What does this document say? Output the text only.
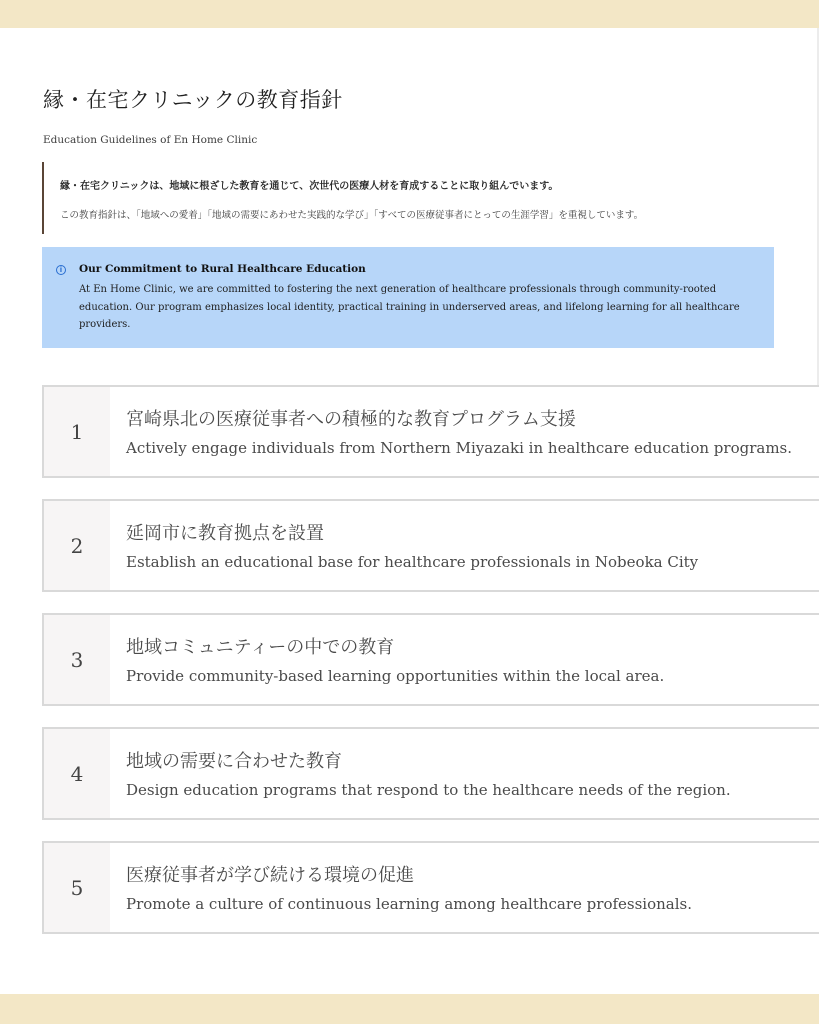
縁・在宅クリニックの教育指針
Education Guidelines of En Home Clinic
縁・在宅クリニックは、地域に根ざした教育を通じて、次世代の医療人材を育成することに取り組んでいます。
この教育指針は、「地域への愛着」「地域の需要にあわせた実践的な学び」「すべての医療従事者にとっての生涯学習」を重視しています。
i	Our Commitment to Rural Healthcare Education
At En Home Clinic, we are committed to fostering the next generation of healthcare professionals through community-rooted education. Our program emphasizes local identity, practical training in underserved areas, and lifelong learning for all healthcare providers.
1	宮崎県北の医療従事者への積極的な教育プログラム支援
Actively engage individuals from Northern Miyazaki in healthcare education programs.
2	延岡市に教育拠点を設置
Establish an educational base for healthcare professionals in Nobeoka City
3	地域コミュニティーの中での教育
Provide community-based learning opportunities within the local area.
4	地域の需要に合わせた教育
Design education programs that respond to the healthcare needs of the region.
5	医療従事者が学び続ける環境の促進
Promote a culture of continuous learning among healthcare professionals.
